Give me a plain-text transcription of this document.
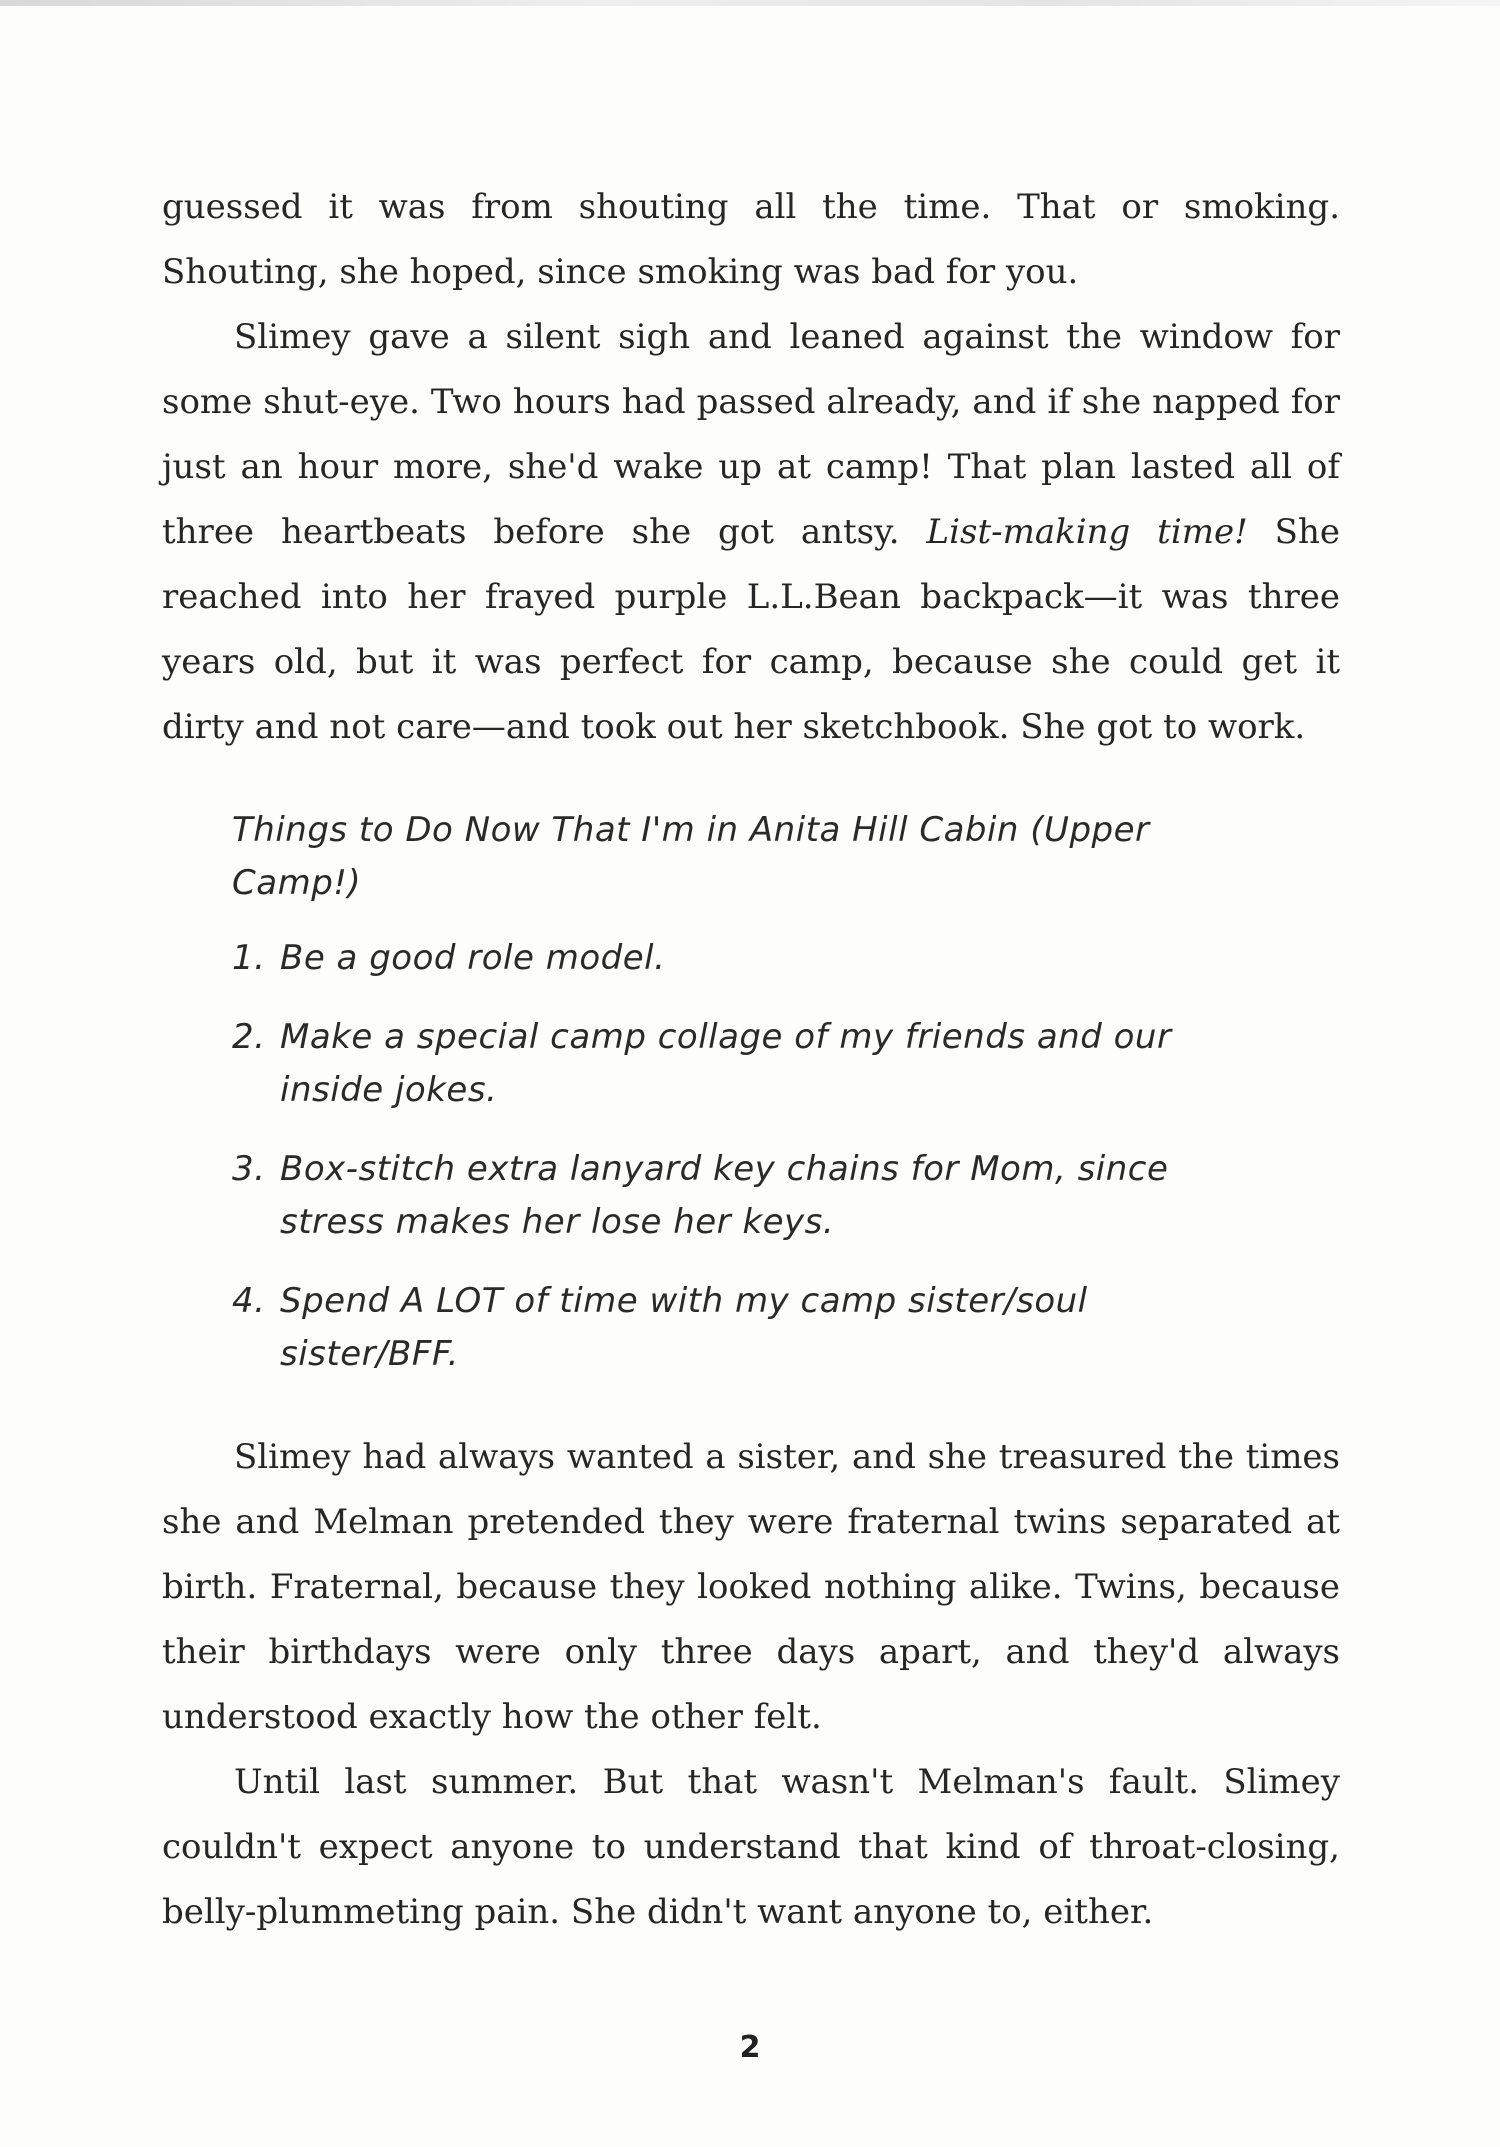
guessed it was from shouting all the time. That or smoking. Shouting, she hoped, since smoking was bad for you.

Slimey gave a silent sigh and leaned against the window for some shut-eye. Two hours had passed already, and if she napped for just an hour more, she'd wake up at camp! That plan lasted all of three heartbeats before she got antsy. List-making time! She reached into her frayed purple L.L.Bean backpack—it was three years old, but it was perfect for camp, because she could get it dirty and not care—and took out her sketchbook. She got to work.

Things to Do Now That I'm in Anita Hill Cabin (Upper Camp!)
1. Be a good role model.
2. Make a special camp collage of my friends and our inside jokes.
3. Box-stitch extra lanyard key chains for Mom, since stress makes her lose her keys.
4. Spend A LOT of time with my camp sister/soul sister/BFF.

Slimey had always wanted a sister, and she treasured the times she and Melman pretended they were fraternal twins separated at birth. Fraternal, because they looked nothing alike. Twins, because their birthdays were only three days apart, and they'd always understood exactly how the other felt.

Until last summer. But that wasn't Melman's fault. Slimey couldn't expect anyone to understand that kind of throat-closing, belly-plummeting pain. She didn't want anyone to, either.

2
